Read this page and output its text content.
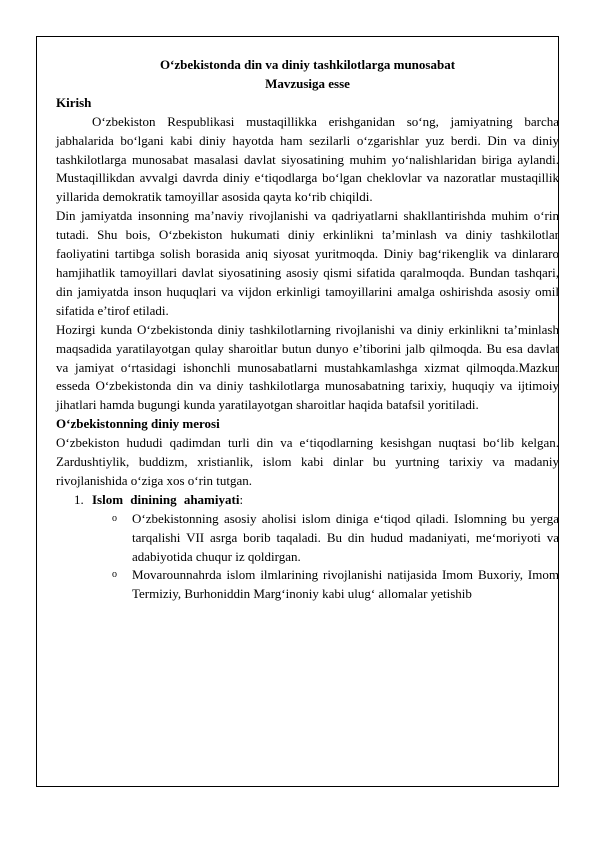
O‘zbekistonda din va diniy tashkilotlarga munosabat

Mavzusiga esse

Kirish

O‘zbekiston Respublikasi mustaqillikka erishganidan so‘ng, jamiyatning barcha jabhalarida bo‘lgani kabi diniy hayotda ham sezilarli o‘zgarishlar yuz berdi. Din va diniy tashkilotlarga munosabat masalasi davlat siyosatining muhim yo‘nalishlaridan biriga aylandi. Mustaqillikdan avvalgi davrda diniy e‘tiqodlarga bo‘lgan cheklovlar va nazoratlar mustaqillik yillarida demokratik tamoyillar asosida qayta ko‘rib chiqildi.

Din jamiyatda insonning ma’naviy rivojlanishi va qadriyatlarni shakllantirishda muhim o‘rin tutadi. Shu bois, O‘zbekiston hukumati diniy erkinlikni ta’minlash va diniy tashkilotlar faoliyatini tartibga solish borasida aniq siyosat yuritmoqda. Diniy bag‘rikenglik va dinlararo hamjihatlik tamoyillari davlat siyosatining asosiy qismi sifatida qaralmoqda. Bundan tashqari, din jamiyatda inson huquqlari va vijdon erkinligi tamoyillarini amalga oshirishda asosiy omil sifatida e’tirof etiladi.

Hozirgi kunda O‘zbekistonda diniy tashkilotlarning rivojlanishi va diniy erkinlikni ta’minlash maqsadida yaratilayotgan qulay sharoitlar butun dunyo e’tiborini jalb qilmoqda. Bu esa davlat va jamiyat o‘rtasidagi ishonchli munosabatlarni mustahkamlashga xizmat qilmoqda.Mazkur esseda O‘zbekistonda din va diniy tashkilotlarga munosabatning tarixiy, huquqiy va ijtimoiy jihatlari hamda bugungi kunda yaratilayotgan sharoitlar haqida batafsil yoritiladi.

O‘zbekistonning diniy merosi

O‘zbekiston hududi qadimdan turli din va e‘tiqodlarning kesishgan nuqtasi bo‘lib kelgan. Zardushtiylik, buddizm, xristianlik, islom kabi dinlar bu yurtning tarixiy va madaniy rivojlanishida o‘ziga xos o‘rin tutgan.

1. Islom dinining ahamiyati:

o O‘zbekistonning asosiy aholisi islom diniga e‘tiqod qiladi. Islomning bu yerga tarqalishi VII asrga borib taqaladi. Bu din hudud madaniyati, me‘moriyoti va adabiyotida chuqur iz qoldirgan.

o Movarounnahrda islom ilmlarining rivojlanishi natijasida Imom Buxoriy, Imom Termiziy, Burhoniddin Marg‘inoniy kabi ulug‘ allomalar yetishib
